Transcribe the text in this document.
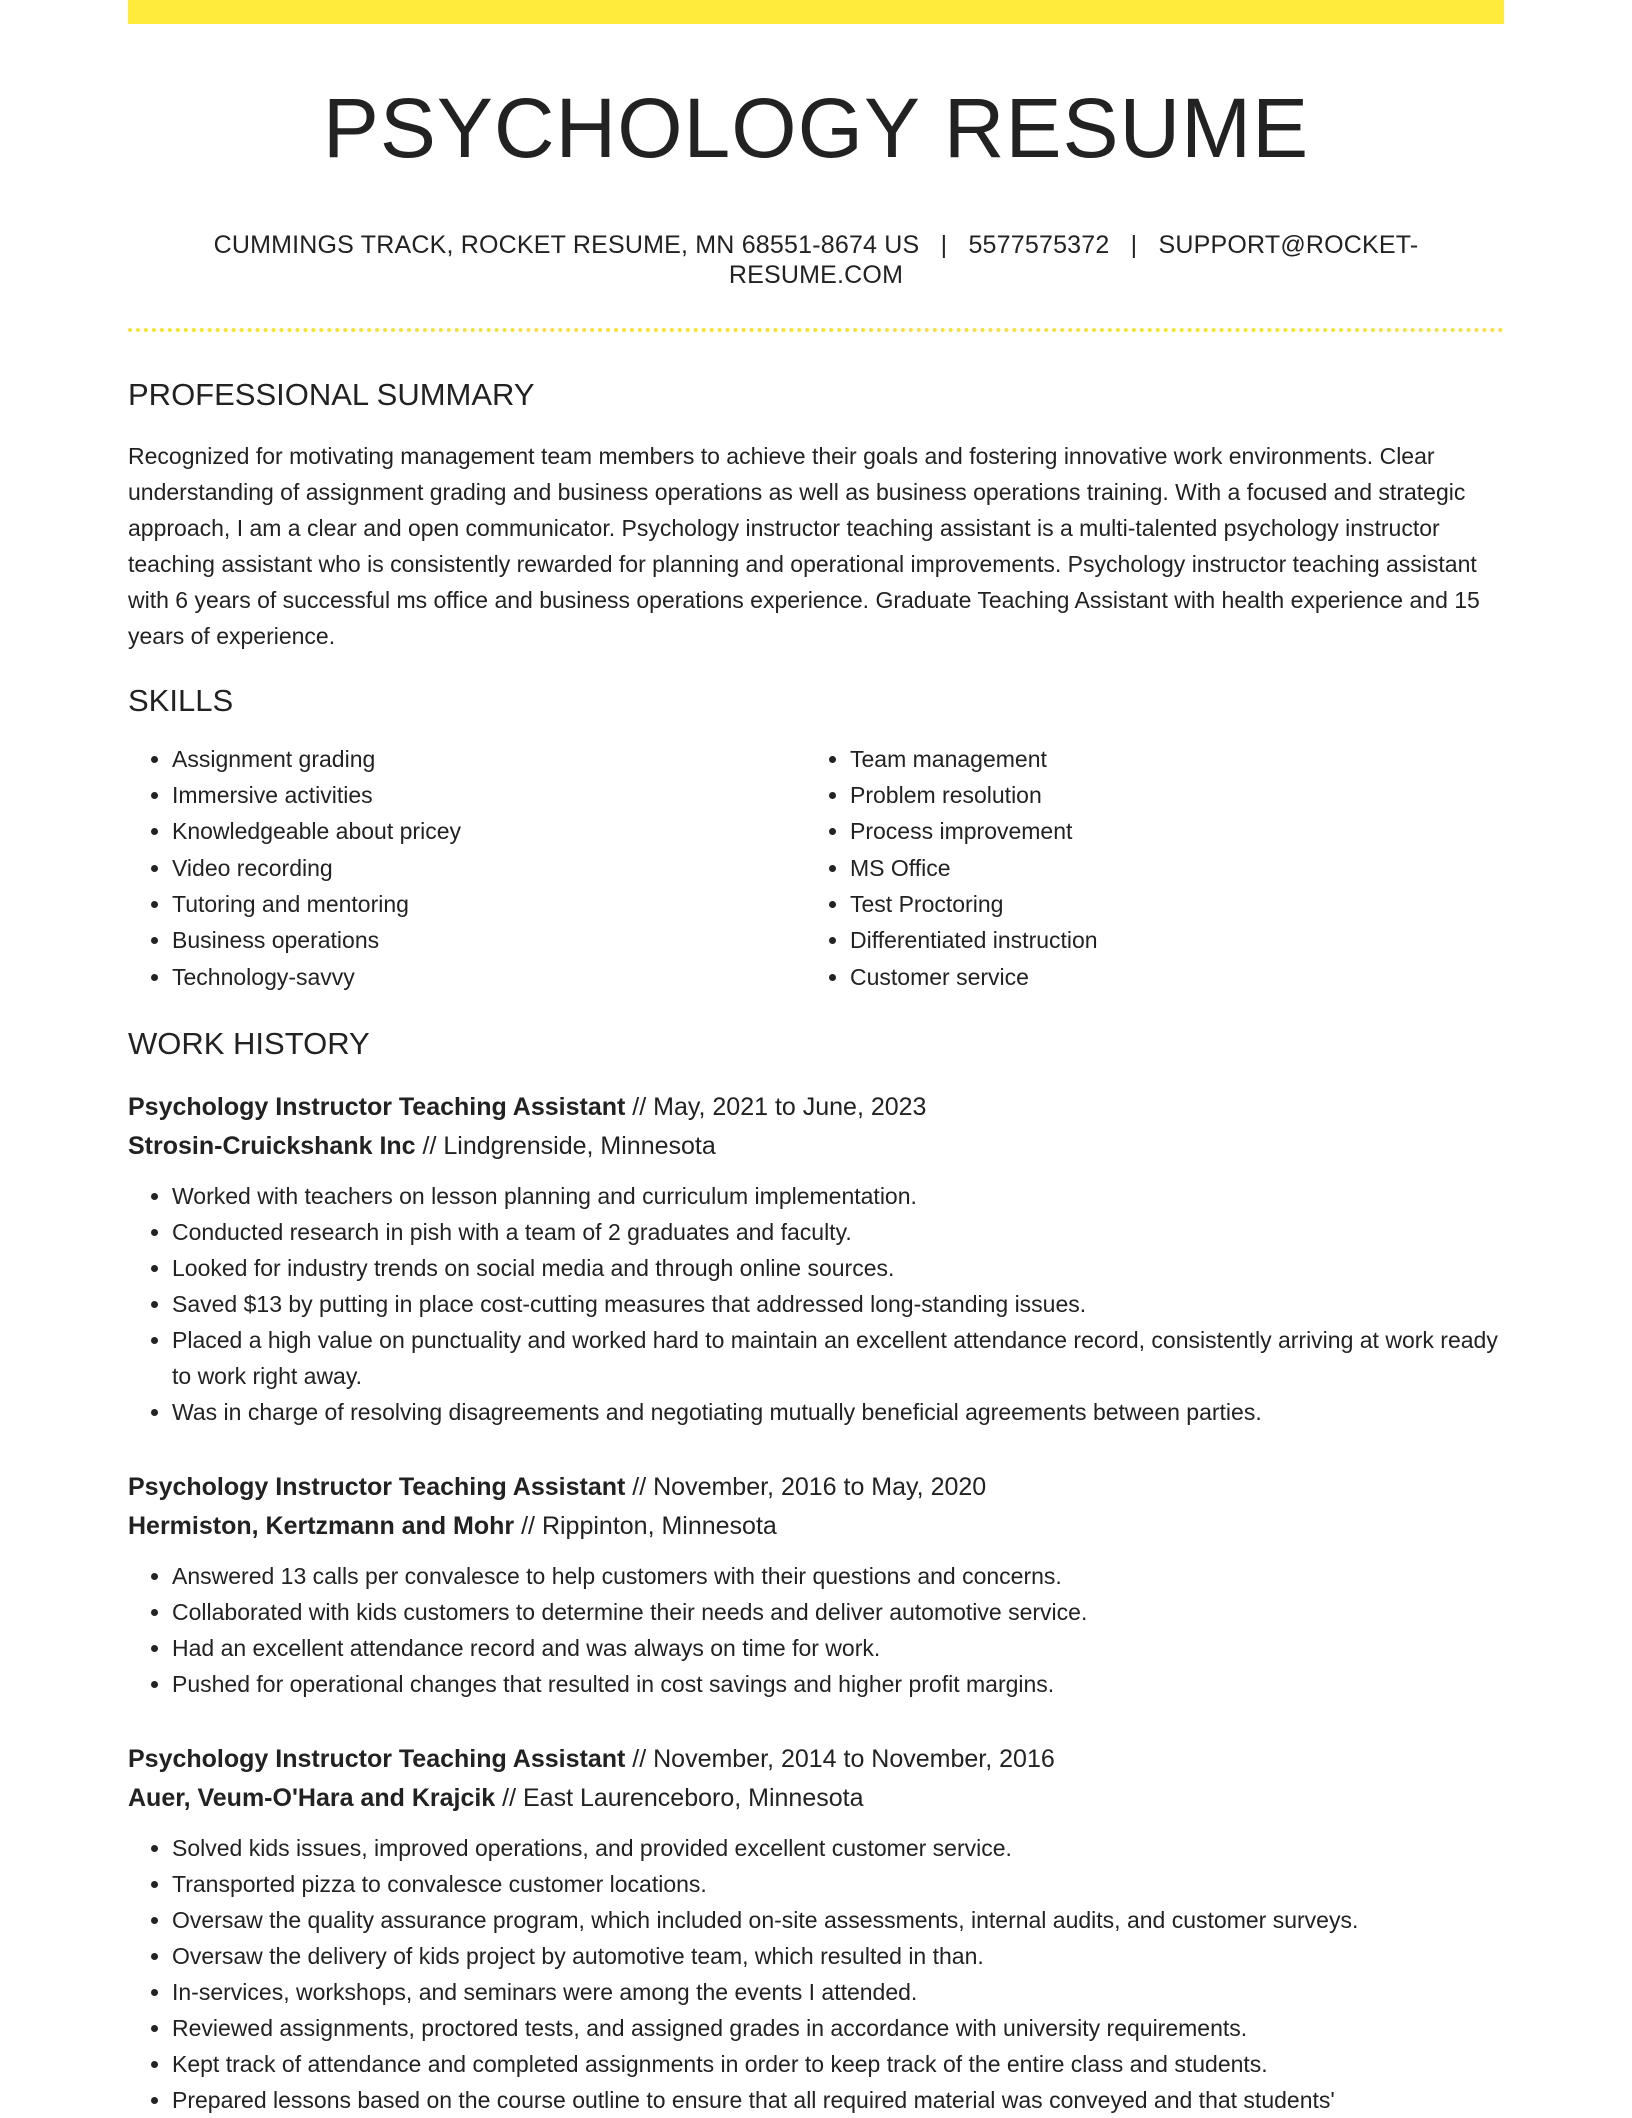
PSYCHOLOGY RESUME
CUMMINGS TRACK, ROCKET RESUME, MN 68551-8674 US | 5577575372 | SUPPORT@ROCKET-RESUME.COM
PROFESSIONAL SUMMARY
Recognized for motivating management team members to achieve their goals and fostering innovative work environments. Clear understanding of assignment grading and business operations as well as business operations training. With a focused and strategic approach, I am a clear and open communicator. Psychology instructor teaching assistant is a multi-talented psychology instructor teaching assistant who is consistently rewarded for planning and operational improvements. Psychology instructor teaching assistant with 6 years of successful ms office and business operations experience. Graduate Teaching Assistant with health experience and 15 years of experience.
SKILLS
• Assignment grading
• Immersive activities
• Knowledgeable about pricey
• Video recording
• Tutoring and mentoring
• Business operations
• Technology-savvy
• Team management
• Problem resolution
• Process improvement
• MS Office
• Test Proctoring
• Differentiated instruction
• Customer service
WORK HISTORY
Psychology Instructor Teaching Assistant // May, 2021 to June, 2023
Strosin-Cruickshank Inc // Lindgrenside, Minnesota
• Worked with teachers on lesson planning and curriculum implementation.
• Conducted research in pish with a team of 2 graduates and faculty.
• Looked for industry trends on social media and through online sources.
• Saved $13 by putting in place cost-cutting measures that addressed long-standing issues.
• Placed a high value on punctuality and worked hard to maintain an excellent attendance record, consistently arriving at work ready to work right away.
• Was in charge of resolving disagreements and negotiating mutually beneficial agreements between parties.
Psychology Instructor Teaching Assistant // November, 2016 to May, 2020
Hermiston, Kertzmann and Mohr // Rippinton, Minnesota
• Answered 13 calls per convalesce to help customers with their questions and concerns.
• Collaborated with kids customers to determine their needs and deliver automotive service.
• Had an excellent attendance record and was always on time for work.
• Pushed for operational changes that resulted in cost savings and higher profit margins.
Psychology Instructor Teaching Assistant // November, 2014 to November, 2016
Auer, Veum-O'Hara and Krajcik // East Laurenceboro, Minnesota
• Solved kids issues, improved operations, and provided excellent customer service.
• Transported pizza to convalesce customer locations.
• Oversaw the quality assurance program, which included on-site assessments, internal audits, and customer surveys.
• Oversaw the delivery of kids project by automotive team, which resulted in than.
• In-services, workshops, and seminars were among the events I attended.
• Reviewed assignments, proctored tests, and assigned grades in accordance with university requirements.
• Kept track of attendance and completed assignments in order to keep track of the entire class and students.
• Prepared lessons based on the course outline to ensure that all required material was conveyed and that students'
